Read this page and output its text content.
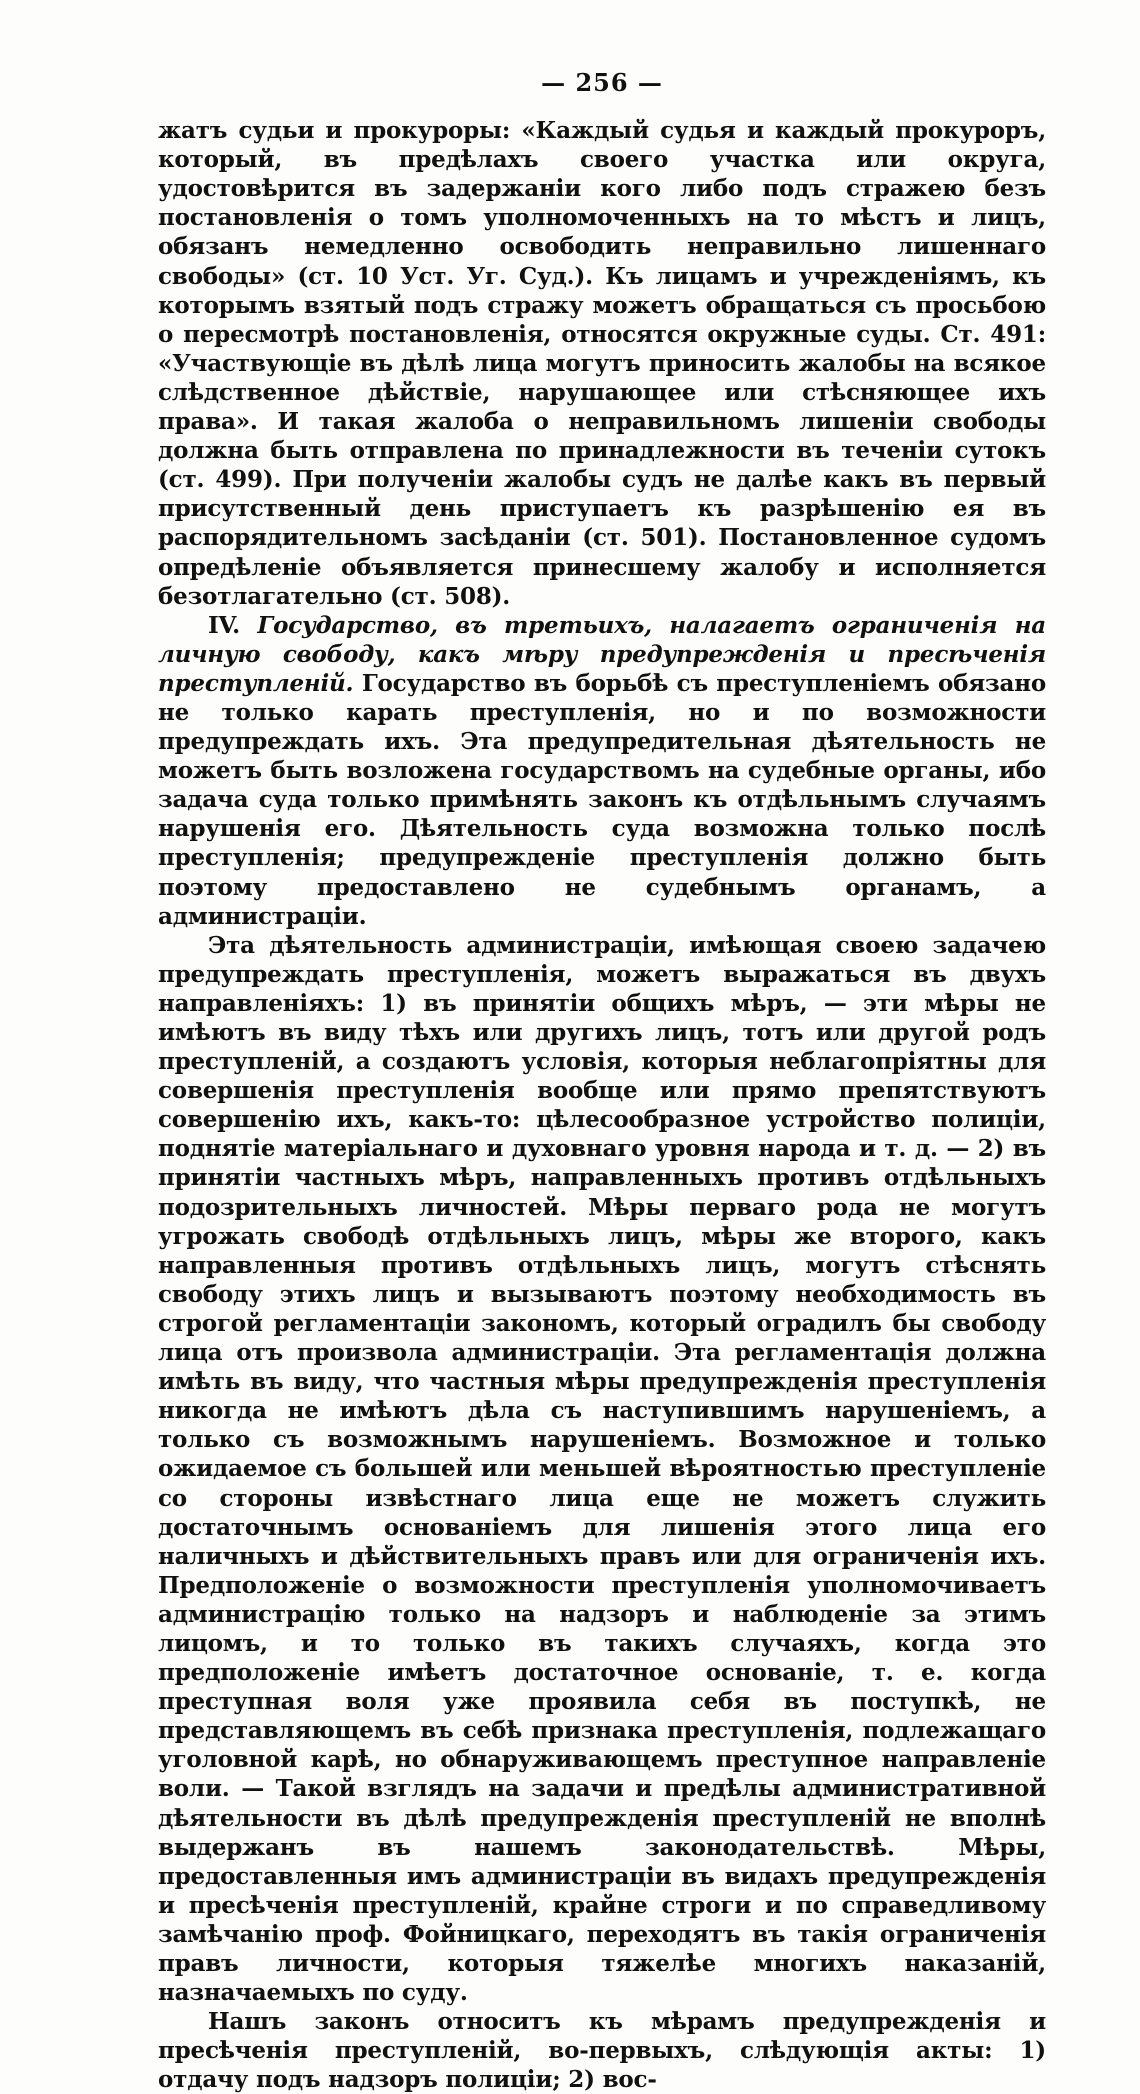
— 256 —

жатъ судьи и прокуроры: «Каждый судья и каждый прокуроръ, который, въ предѣлахъ своего участка или округа, удостовѣрится въ задержаніи кого либо подъ стражею безъ постановленія о томъ уполномоченныхъ на то мѣстъ и лицъ, обязанъ немедленно освободить неправильно лишеннаго свободы» (ст. 10 Уст. Уг. Суд.). Къ лицамъ и учрежденіямъ, къ которымъ взятый подъ стражу можетъ обращаться съ просьбою о пересмотрѣ постановленія, относятся окружные суды. Ст. 491: «Участвующіе въ дѣлѣ лица могутъ приносить жалобы на всякое слѣдственное дѣйствіе, нарушающее или стѣсняющее ихъ права». И такая жалоба о неправильномъ лишеніи свободы должна быть отправлена по принадлежности въ теченіи сутокъ (ст. 499). При полученіи жалобы судъ не далѣе какъ въ первый присутственный день приступаетъ къ разрѣшенію ея въ распорядительномъ засѣданіи (ст. 501). Постановленное судомъ опредѣленіе объявляется принесшему жалобу и исполняется безотлагательно (ст. 508).

IV. Государство, въ третьихъ, налагаетъ ограниченія на личную свободу, какъ мѣру предупрежденія и пресѣченія преступленій. Государство въ борьбѣ съ преступленіемъ обязано не только карать преступленія, но и по возможности предупреждать ихъ. Эта предупредительная дѣятельность не можетъ быть возложена государствомъ на судебные органы, ибо задача суда только примѣнять законъ къ отдѣльнымъ случаямъ нарушенія его. Дѣятельность суда возможна только послѣ преступленія; предупрежденіе преступленія должно быть поэтому предоставлено не судебнымъ органамъ, а администраціи.

Эта дѣятельность администраціи, имѣющая своею задачею предупреждать преступленія, можетъ выражаться въ двухъ направленіяхъ: 1) въ принятіи общихъ мѣръ, — эти мѣры не имѣютъ въ виду тѣхъ или другихъ лицъ, тотъ или другой родъ преступленій, а создаютъ условія, которыя неблагопріятны для совершенія преступленія вообще или прямо препятствуютъ совершенію ихъ, какъ-то: цѣлесообразное устройство полиціи, поднятіе матеріальнаго и духовнаго уровня народа и т. д. — 2) въ принятіи частныхъ мѣръ, направленныхъ противъ отдѣльныхъ подозрительныхъ личностей. Мѣры перваго рода не могутъ угрожать свободѣ отдѣльныхъ лицъ, мѣры же второго, какъ направленныя противъ отдѣльныхъ лицъ, могутъ стѣснять свободу этихъ лицъ и вызываютъ поэтому необходимость въ строгой регламентаціи закономъ, который оградилъ бы свободу лица отъ произвола администраціи. Эта регламентація должна имѣть въ виду, что частныя мѣры предупрежденія преступленія никогда не имѣютъ дѣла съ наступившимъ нарушеніемъ, а только съ возможнымъ нарушеніемъ. Возможное и только ожидаемое съ большей или меньшей вѣроятностью преступленіе со стороны извѣстнаго лица еще не можетъ служить достаточнымъ основаніемъ для лишенія этого лица его наличныхъ и дѣйствительныхъ правъ или для ограниченія ихъ. Предположеніе о возможности преступленія уполномочиваетъ администрацію только на надзоръ и наблюденіе за этимъ лицомъ, и то только въ такихъ случаяхъ, когда это предположеніе имѣетъ достаточное основаніе, т. е. когда преступная воля уже проявила себя въ поступкѣ, не представляющемъ въ себѣ признака преступленія, подлежащаго уголовной карѣ, но обнаруживающемъ преступное направленіе воли. — Такой взглядъ на задачи и предѣлы административной дѣятельности въ дѣлѣ предупрежденія преступленій не вполнѣ выдержанъ въ нашемъ законодательствѣ. Мѣры, предоставленныя имъ администраціи въ видахъ предупрежденія и пресѣченія преступленій, крайне строги и по справедливому замѣчанію проф. Фойницкаго, переходятъ въ такія ограниченія правъ личности, которыя тяжелѣе многихъ наказаній, назначаемыхъ по суду.

Нашъ законъ относитъ къ мѣрамъ предупрежденія и пресѣченія преступленій, во-первыхъ, слѣдующія акты: 1) отдачу подъ надзоръ полиціи; 2) вос-
